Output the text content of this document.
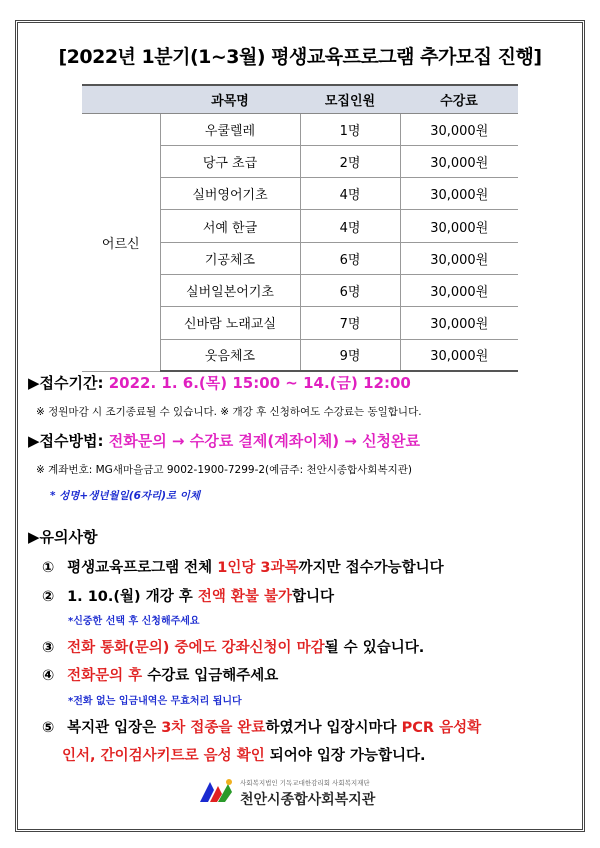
[2022년 1분기(1~3월) 평생교육프로그램 추가모집 진행]
	과목명	모집인원	수강료
어르신	우쿨렐레	1명	30,000원
	당구 초급	2명	30,000원
	실버영어기초	4명	30,000원
	서예 한글	4명	30,000원
	기공체조	6명	30,000원
	실버일본어기초	6명	30,000원
	신바람 노래교실	7명	30,000원
	웃음체조	9명	30,000원
▶접수기간: 2022. 1. 6.(목) 15:00 ~ 14.(금) 12:00
※ 정원마감 시 조기종료될 수 있습니다. ※ 개강 후 신청하여도 수강료는 동일합니다.
▶접수방법: 전화문의 → 수강료 결제(계좌이체) → 신청완료
※ 계좌번호: MG새마을금고 9002-1900-7299-2(예금주: 천안시종합사회복지관)
* 성명+생년월일(6자리)로 이체
▶유의사항
① 평생교육프로그램 전체 1인당 3과목까지만 접수가능합니다
② 1. 10.(월) 개강 후 전액 환불 불가합니다
*신중한 선택 후 신청해주세요
③ 전화 통화(문의) 중에도 강좌신청이 마감될 수 있습니다.
④ 전화문의 후 수강료 입금해주세요
*전화 없는 입금내역은 무효처리 됩니다
⑤ 복지관 입장은 3차 접종을 완료하였거나 입장시마다 PCR 음성확
인서, 간이검사키트로 음성 확인 되어야 입장 가능합니다.
사회복지법인 기독교대한감리회 사회복지재단
천안시종합사회복지관
